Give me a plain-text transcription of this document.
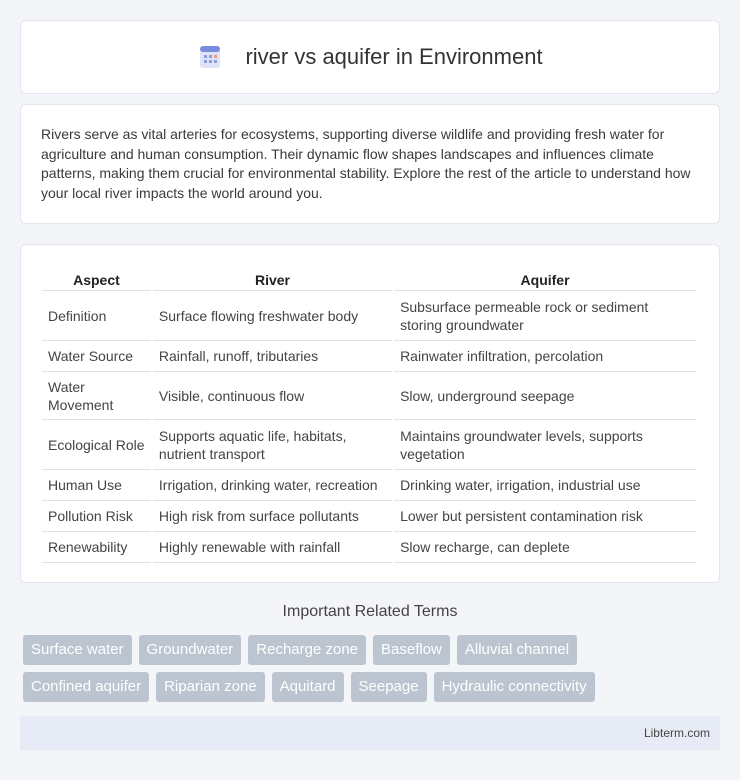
river vs aquifer in Environment

Rivers serve as vital arteries for ecosystems, supporting diverse wildlife and providing fresh water for agriculture and human consumption. Their dynamic flow shapes landscapes and influences climate patterns, making them crucial for environmental stability. Explore the rest of the article to understand how your local river impacts the world around you.

Aspect	River	Aquifer
Definition	Surface flowing freshwater body	Subsurface permeable rock or sediment storing groundwater
Water Source	Rainfall, runoff, tributaries	Rainwater infiltration, percolation
Water Movement	Visible, continuous flow	Slow, underground seepage
Ecological Role	Supports aquatic life, habitats, nutrient transport	Maintains groundwater levels, supports vegetation
Human Use	Irrigation, drinking water, recreation	Drinking water, irrigation, industrial use
Pollution Risk	High risk from surface pollutants	Lower but persistent contamination risk
Renewability	Highly renewable with rainfall	Slow recharge, can deplete
Important Related Terms
Surface water	Groundwater	Recharge zone	Baseflow	Alluvial channel
Confined aquifer	Riparian zone	Aquitard	Seepage	Hydraulic connectivity
Libterm.com
